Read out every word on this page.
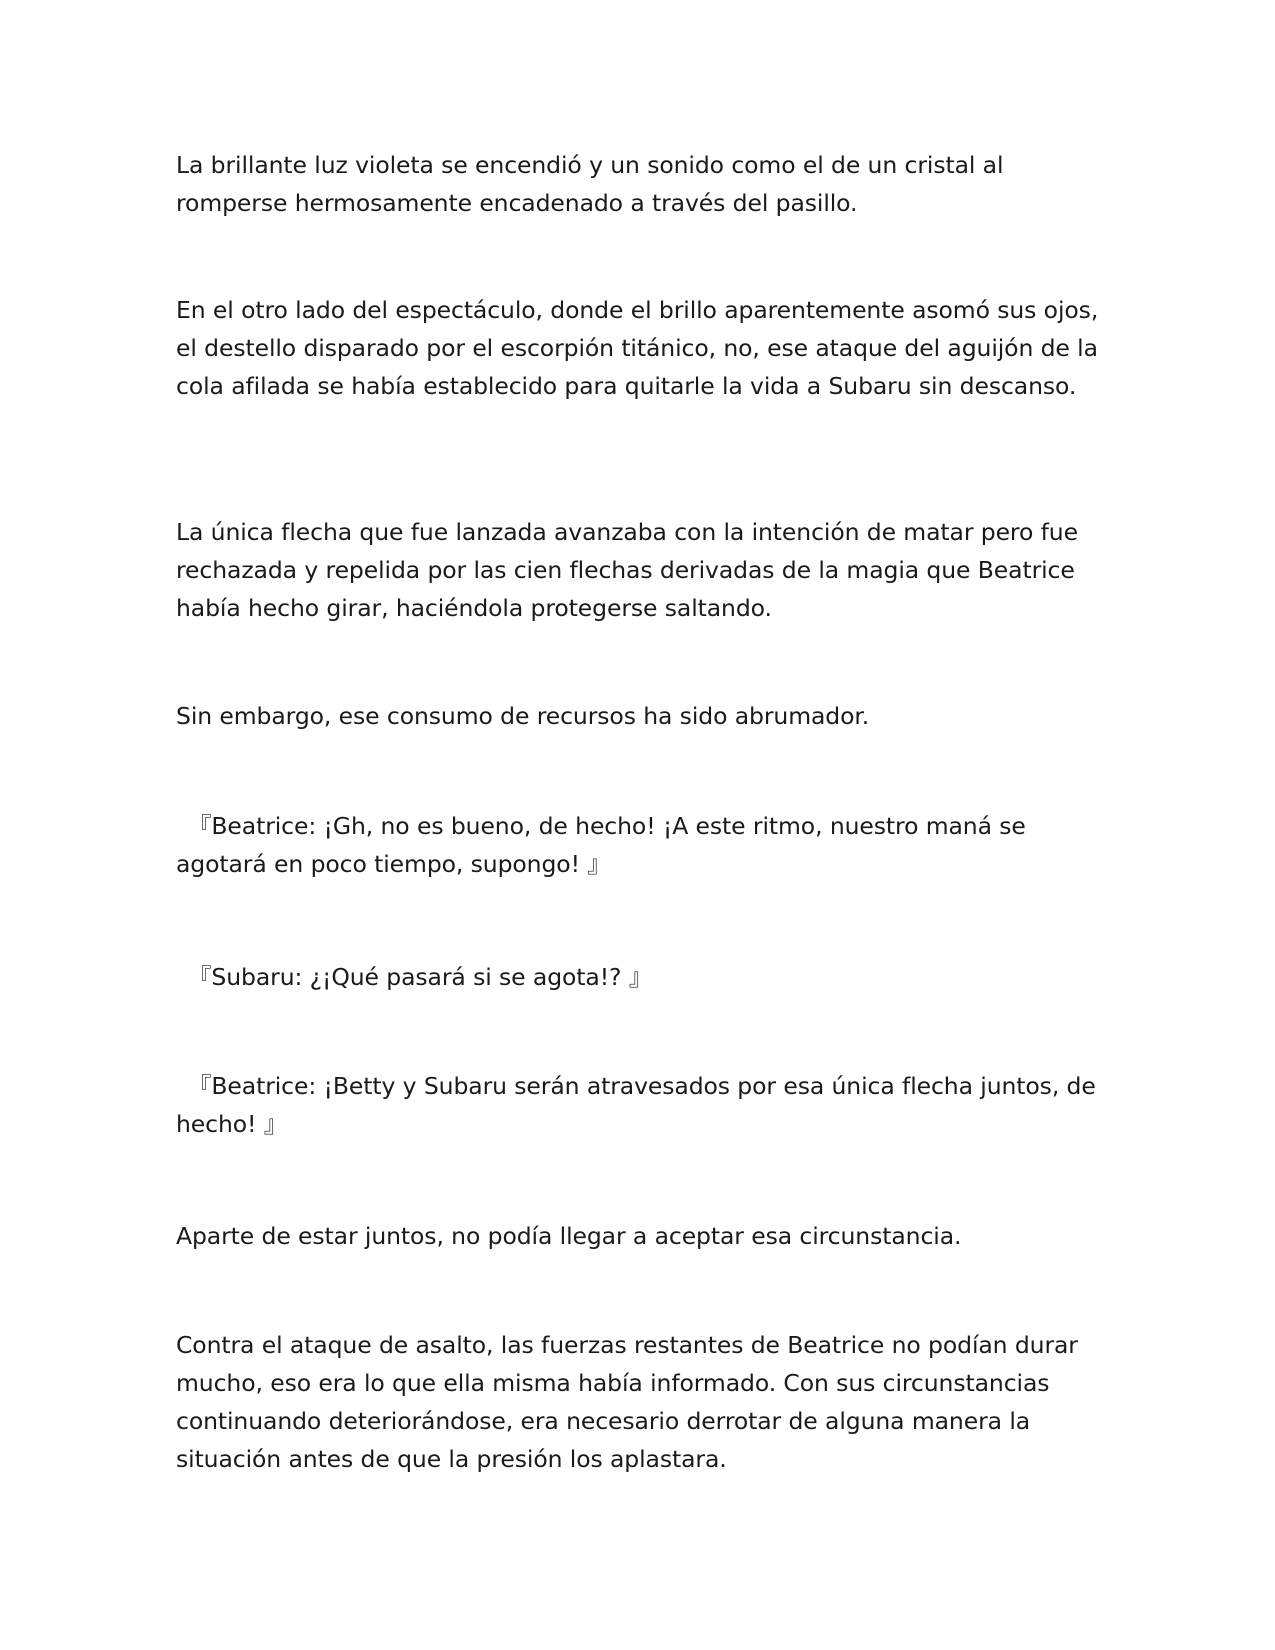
La brillante luz violeta se encendió y un sonido como el de un cristal al romperse hermosamente encadenado a través del pasillo.

En el otro lado del espectáculo, donde el brillo aparentemente asomó sus ojos, el destello disparado por el escorpión titánico, no, ese ataque del aguijón de la cola afilada se había establecido para quitarle la vida a Subaru sin descanso.

La única flecha que fue lanzada avanzaba con la intención de matar pero fue rechazada y repelida por las cien flechas derivadas de la magia que Beatrice había hecho girar, haciéndola protegerse saltando.

Sin embargo, ese consumo de recursos ha sido abrumador.

『Beatrice: ¡Gh, no es bueno, de hecho! ¡A este ritmo, nuestro maná se agotará en poco tiempo, supongo! 』

『Subaru: ¿¡Qué pasará si se agota!? 』

『Beatrice: ¡Betty y Subaru serán atravesados por esa única flecha juntos, de hecho! 』

Aparte de estar juntos, no podía llegar a aceptar esa circunstancia.

Contra el ataque de asalto, las fuerzas restantes de Beatrice no podían durar mucho, eso era lo que ella misma había informado. Con sus circunstancias continuando deteriorándose, era necesario derrotar de alguna manera la situación antes de que la presión los aplastara.
